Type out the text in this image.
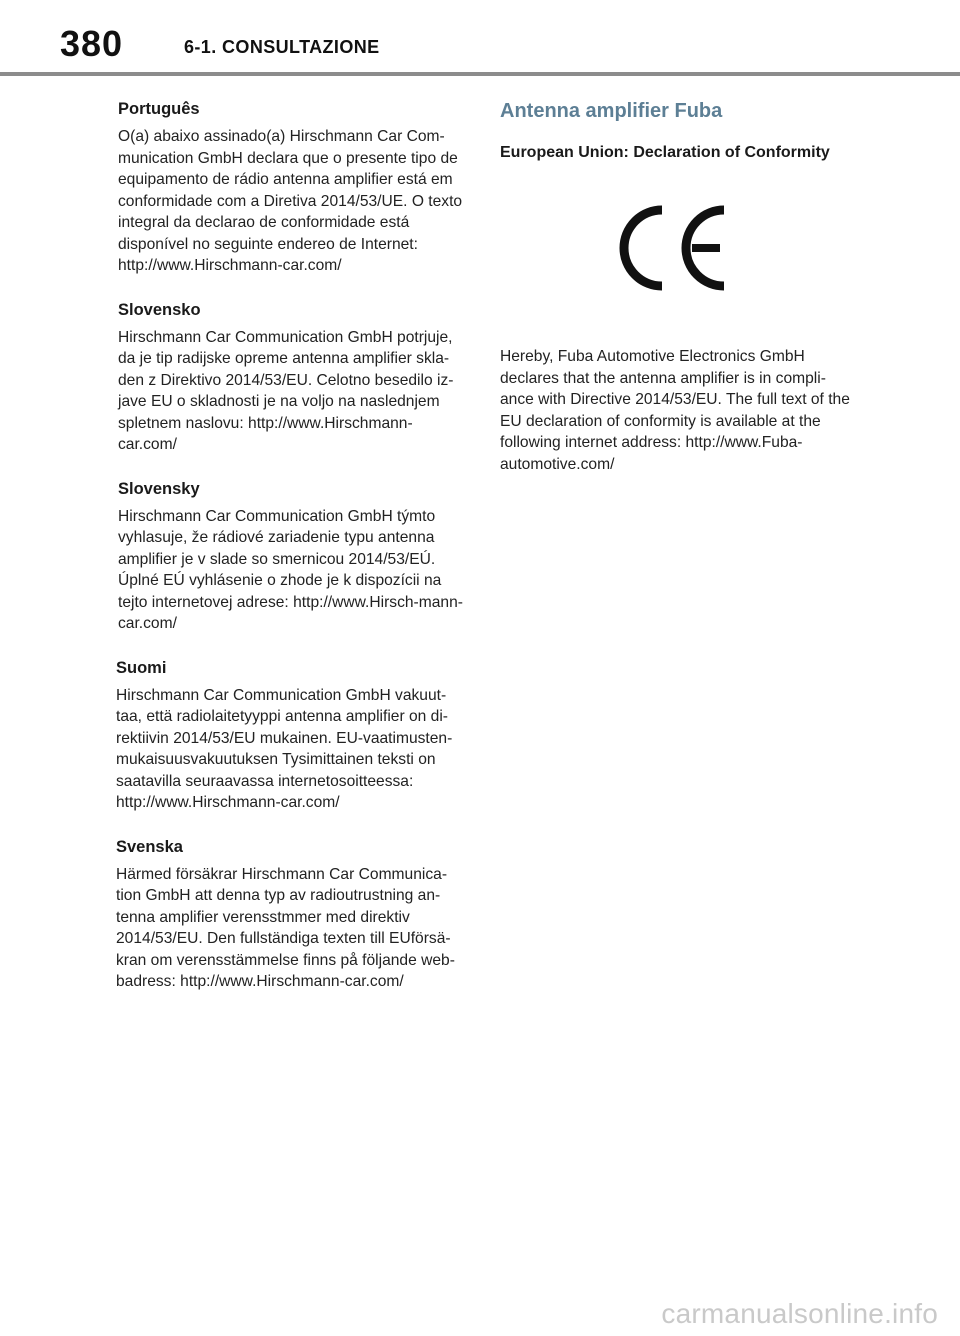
380	6-1. CONSULTAZIONE
Português

O(a) abaixo assinado(a) Hirschmann Car Com-munication GmbH declara que o presente tipo de equipamento de rádio antenna amplifier está em conformidade com a Diretiva 2014/53/UE. O texto integral da declarao de conformidade está disponível no seguinte endereo de Internet: http://www.Hirschmann-car.com/

Slovensko

Hirschmann Car Communication GmbH potrjuje, da je tip radijske opreme antenna amplifier skla-den z Direktivo 2014/53/EU. Celotno besedilo iz-jave EU o skladnosti je na voljo na naslednjem spletnem naslovu: http://www.Hirschmann-car.com/

Slovensky

Hirschmann Car Communication GmbH týmto vyhlasuje, že rádiové zariadenie typu antenna amplifier je v slade so smernicou 2014/53/EÚ. Úplné EÚ vyhlásenie o zhode je k dispozícii na tejto internetovej adrese: http://www.Hirsch-mann-car.com/

Suomi

Hirschmann Car Communication GmbH vakuut-taa, että radiolaitetyyppi antenna amplifier on di-rektiivin 2014/53/EU mukainen. EU-vaatimusten-mukaisuusvakuutuksen Tysimittainen teksti on saatavilla seuraavassa internetosoitteessa: http://www.Hirschmann-car.com/

Svenska

Härmed försäkrar Hirschmann Car Communica-tion GmbH att denna typ av radioutrustning an-tenna amplifier verensstmmer med direktiv 2014/53/EU. Den fullständiga texten till EUförsä-kran om verensstämmelse finns på följande web-badress: http://www.Hirschmann-car.com/

Antenna amplifier Fuba
European Union: Declaration of Conformity

Hereby, Fuba Automotive Electronics GmbH declares that the antenna amplifier is in compli-ance with Directive 2014/53/EU. The full text of the EU declaration of conformity is available at the following internet address: http://www.Fuba-automotive.com/

carmanualsonline.info
